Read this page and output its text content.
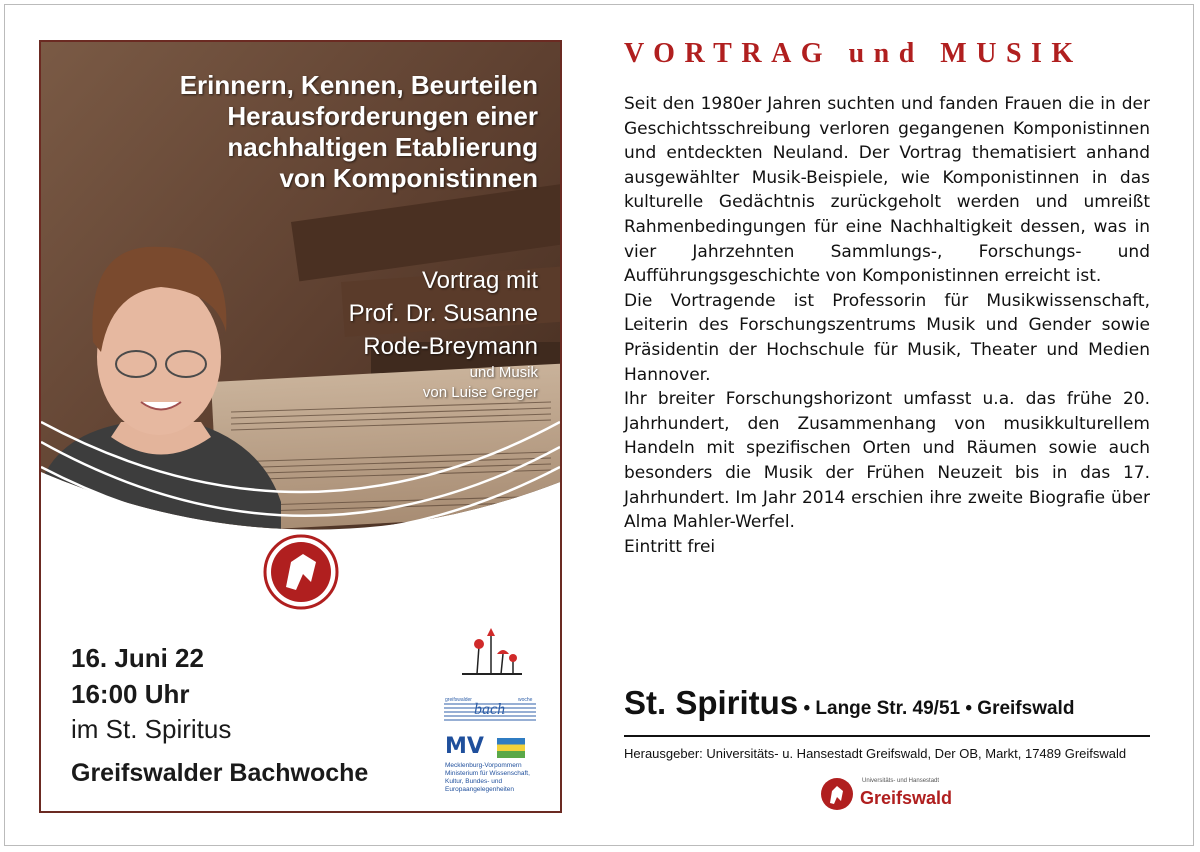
Erinnern, Kennen, Beurteilen
Herausforderungen einer
nachhaltigen Etablierung
von Komponistinnen
Vortrag mit
Prof. Dr. Susanne
Rode-Breymann
und Musik
von Luise Greger
16. Juni 22
16:00 Uhr
im St. Spiritus
Greifswalder Bachwoche
bach
greifswalder	woche
MV
Mecklenburg-Vorpommern
Ministerium für Wissenschaft,
Kultur, Bundes- und
Europaangelegenheiten
VORTRAG und MUSIK

Seit den 1980er Jahren suchten und fanden Frauen die in der Geschichtsschreibung verloren gegangenen Komponistinnen und entdeckten Neuland. Der Vortrag thematisiert anhand ausgewählter Musik-Beispiele, wie Komponistinnen in das kulturelle Gedächtnis zurückgeholt werden und umreißt Rahmenbedingungen für eine Nachhaltigkeit dessen, was in vier Jahrzehnten Sammlungs-, Forschungs- und Aufführungsgeschichte von Komponistinnen erreicht ist.

Die Vortragende ist Professorin für Musikwissenschaft, Leiterin des Forschungszentrums Musik und Gender sowie Präsidentin der Hochschule für Musik, Theater und Medien Hannover.

Ihr breiter Forschungshorizont umfasst u.a. das frühe 20. Jahrhundert, den Zusammenhang von musikkulturellem Handeln mit spezifischen Orten und Räumen sowie auch besonders die Musik der Frühen Neuzeit bis in das 17. Jahrhundert. Im Jahr 2014 erschien ihre zweite Biografie über Alma Mahler-Werfel.

Eintritt frei

St. Spiritus • Lange Str. 49/51 • Greifswald
Herausgeber: Universitäts- u. Hansestadt Greifswald, Der OB, Markt, 17489 Greifswald
Universitäts- und Hansestadt
Greifswald
